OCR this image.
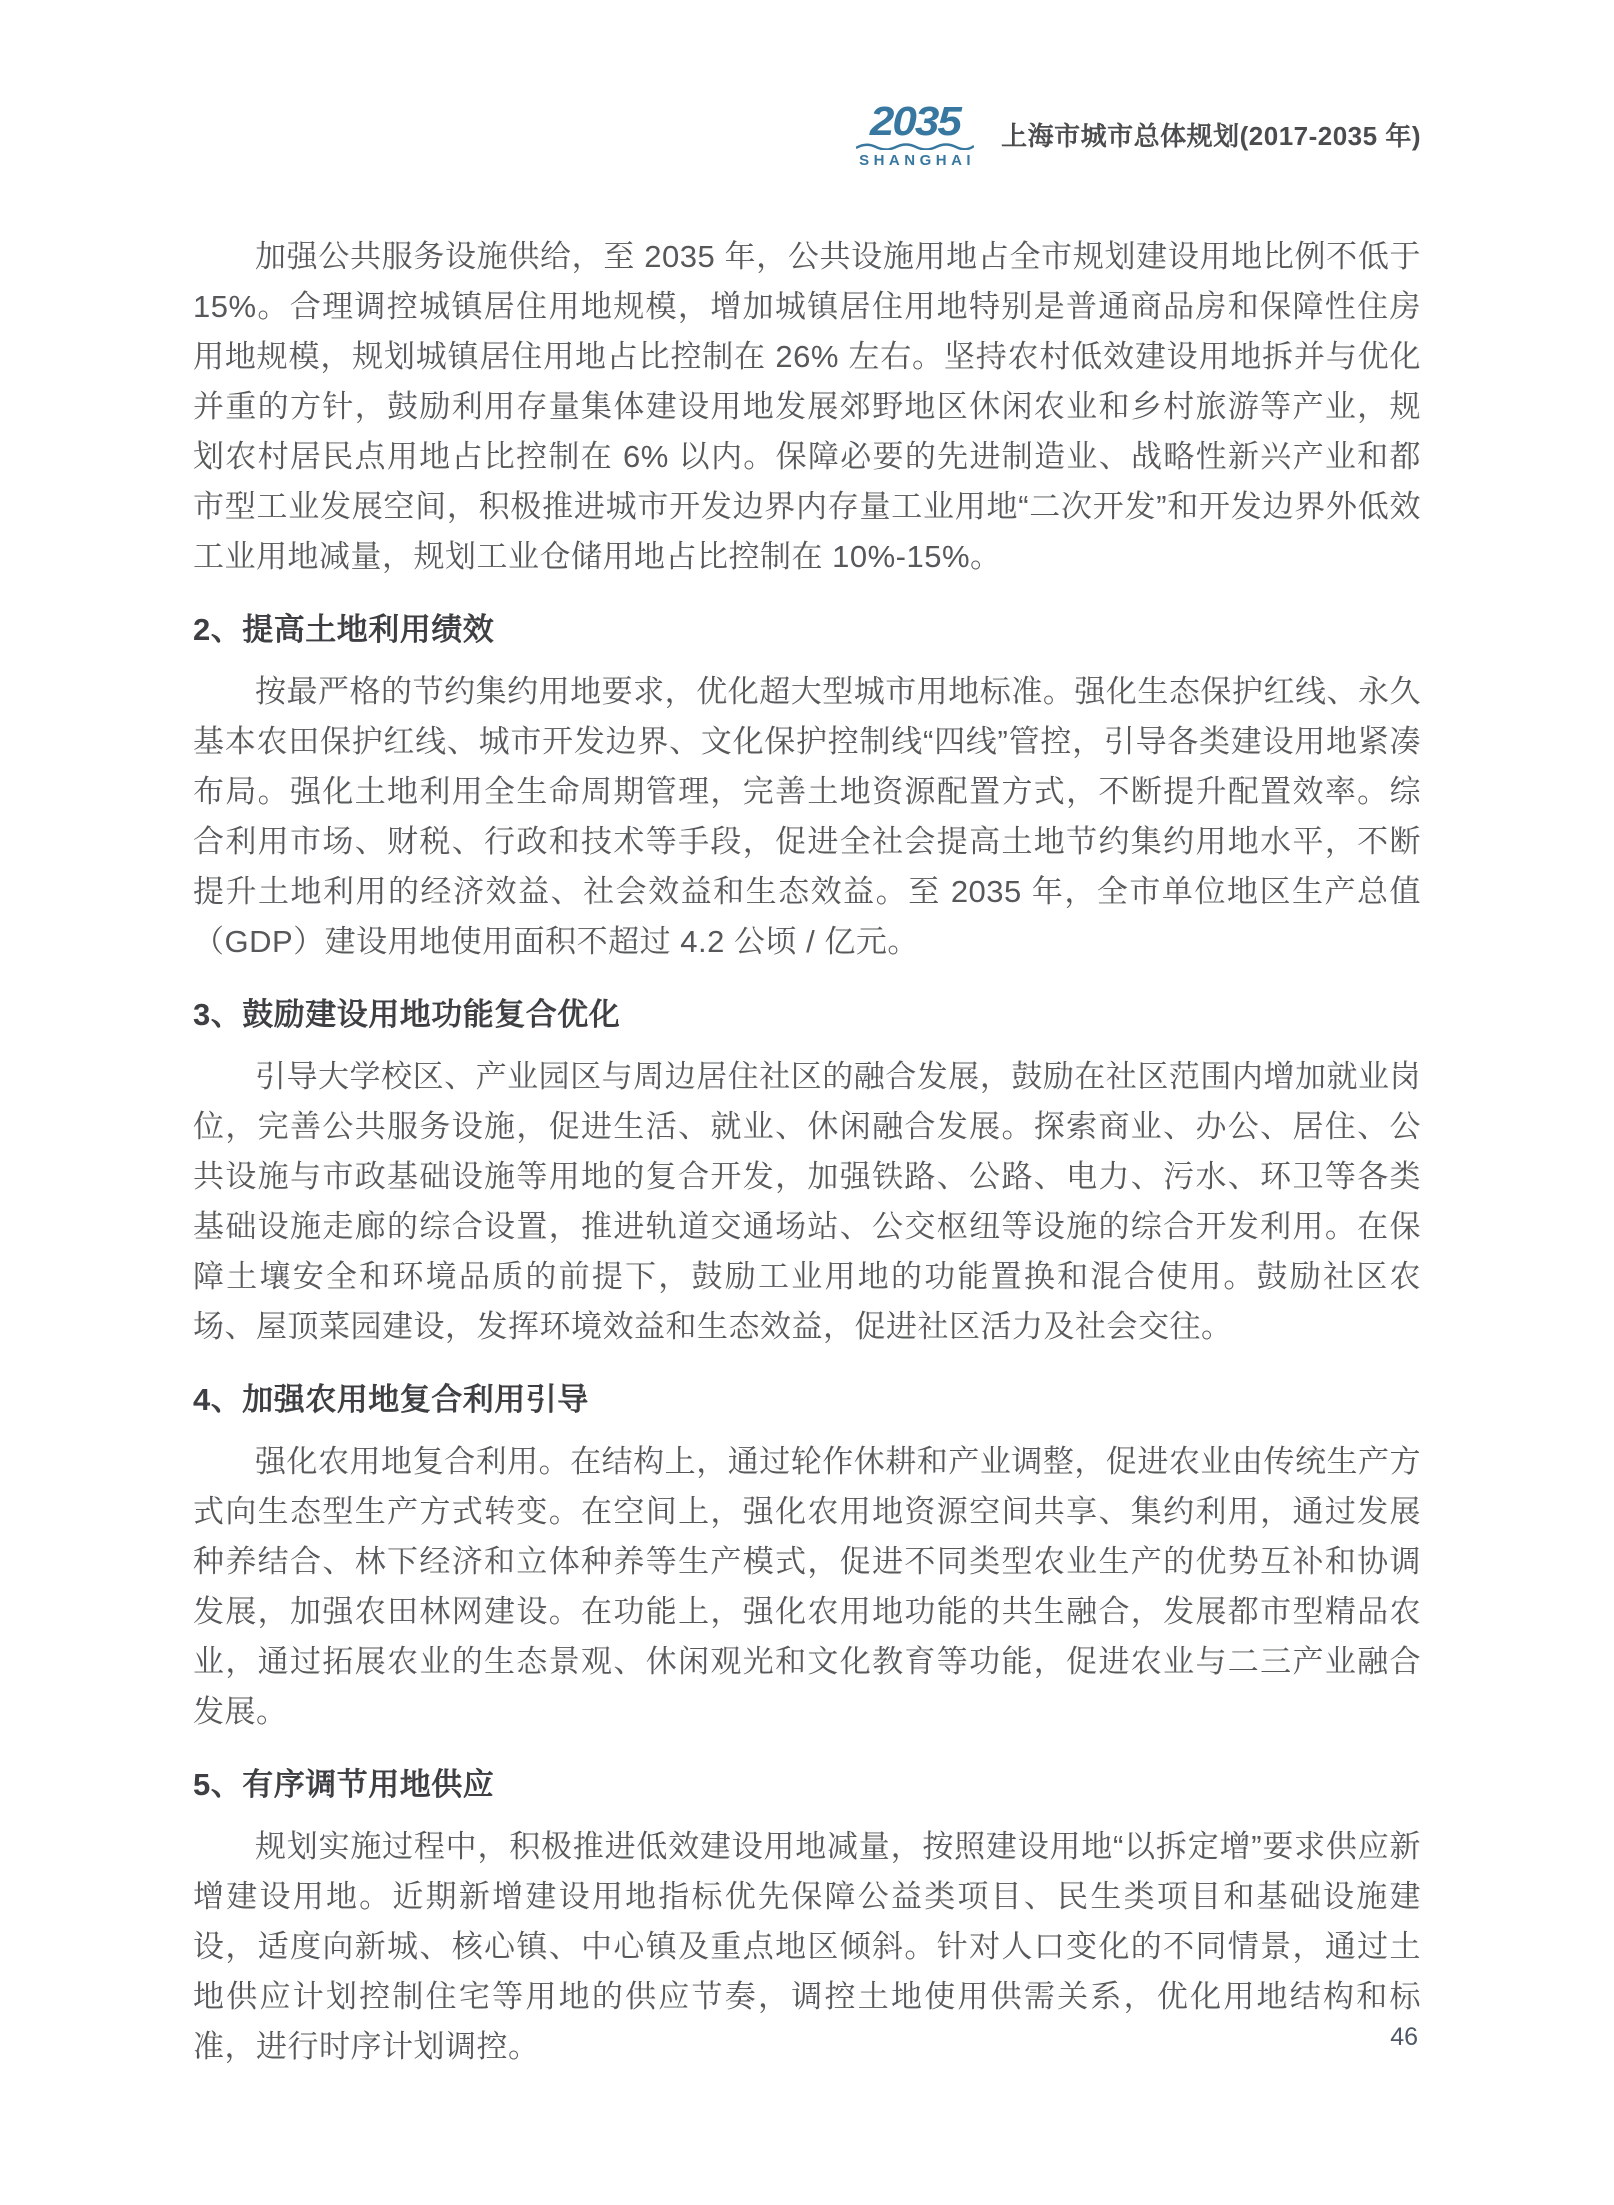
2035
SHANGHAI
上海市城市总体规划(2017-2035 年)

加强公共服务设施供给，至 2035 年，公共设施用地占全市规划建设用地比例不低于 15%。合理调控城镇居住用地规模，增加城镇居住用地特别是普通商品房和保障性住房用地规模，规划城镇居住用地占比控制在 26% 左右。坚持农村低效建设用地拆并与优化并重的方针，鼓励利用存量集体建设用地发展郊野地区休闲农业和乡村旅游等产业，规划农村居民点用地占比控制在 6% 以内。保障必要的先进制造业、战略性新兴产业和都市型工业发展空间，积极推进城市开发边界内存量工业用地“二次开发”和开发边界外低效工业用地减量，规划工业仓储用地占比控制在 10%-15%。

2、提高土地利用绩效

按最严格的节约集约用地要求，优化超大型城市用地标准。强化生态保护红线、永久基本农田保护红线、城市开发边界、文化保护控制线“四线”管控，引导各类建设用地紧凑布局。强化土地利用全生命周期管理，完善土地资源配置方式，不断提升配置效率。综合利用市场、财税、行政和技术等手段，促进全社会提高土地节约集约用地水平，不断提升土地利用的经济效益、社会效益和生态效益。至 2035 年，全市单位地区生产总值（GDP）建设用地使用面积不超过 4.2 公顷 / 亿元。

3、鼓励建设用地功能复合优化

引导大学校区、产业园区与周边居住社区的融合发展，鼓励在社区范围内增加就业岗位，完善公共服务设施，促进生活、就业、休闲融合发展。探索商业、办公、居住、公共设施与市政基础设施等用地的复合开发，加强铁路、公路、电力、污水、环卫等各类基础设施走廊的综合设置，推进轨道交通场站、公交枢纽等设施的综合开发利用。在保障土壤安全和环境品质的前提下，鼓励工业用地的功能置换和混合使用。鼓励社区农场、屋顶菜园建设，发挥环境效益和生态效益，促进社区活力及社会交往。

4、加强农用地复合利用引导

强化农用地复合利用。在结构上，通过轮作休耕和产业调整，促进农业由传统生产方式向生态型生产方式转变。在空间上，强化农用地资源空间共享、集约利用，通过发展种养结合、林下经济和立体种养等生产模式，促进不同类型农业生产的优势互补和协调发展，加强农田林网建设。在功能上，强化农用地功能的共生融合，发展都市型精品农业，通过拓展农业的生态景观、休闲观光和文化教育等功能，促进农业与二三产业融合发展。

5、有序调节用地供应

规划实施过程中，积极推进低效建设用地减量，按照建设用地“以拆定增”要求供应新增建设用地。近期新增建设用地指标优先保障公益类项目、民生类项目和基础设施建设，适度向新城、核心镇、中心镇及重点地区倾斜。针对人口变化的不同情景，通过土地供应计划控制住宅等用地的供应节奏，调控土地使用供需关系，优化用地结构和标准，进行时序计划调控。	46
